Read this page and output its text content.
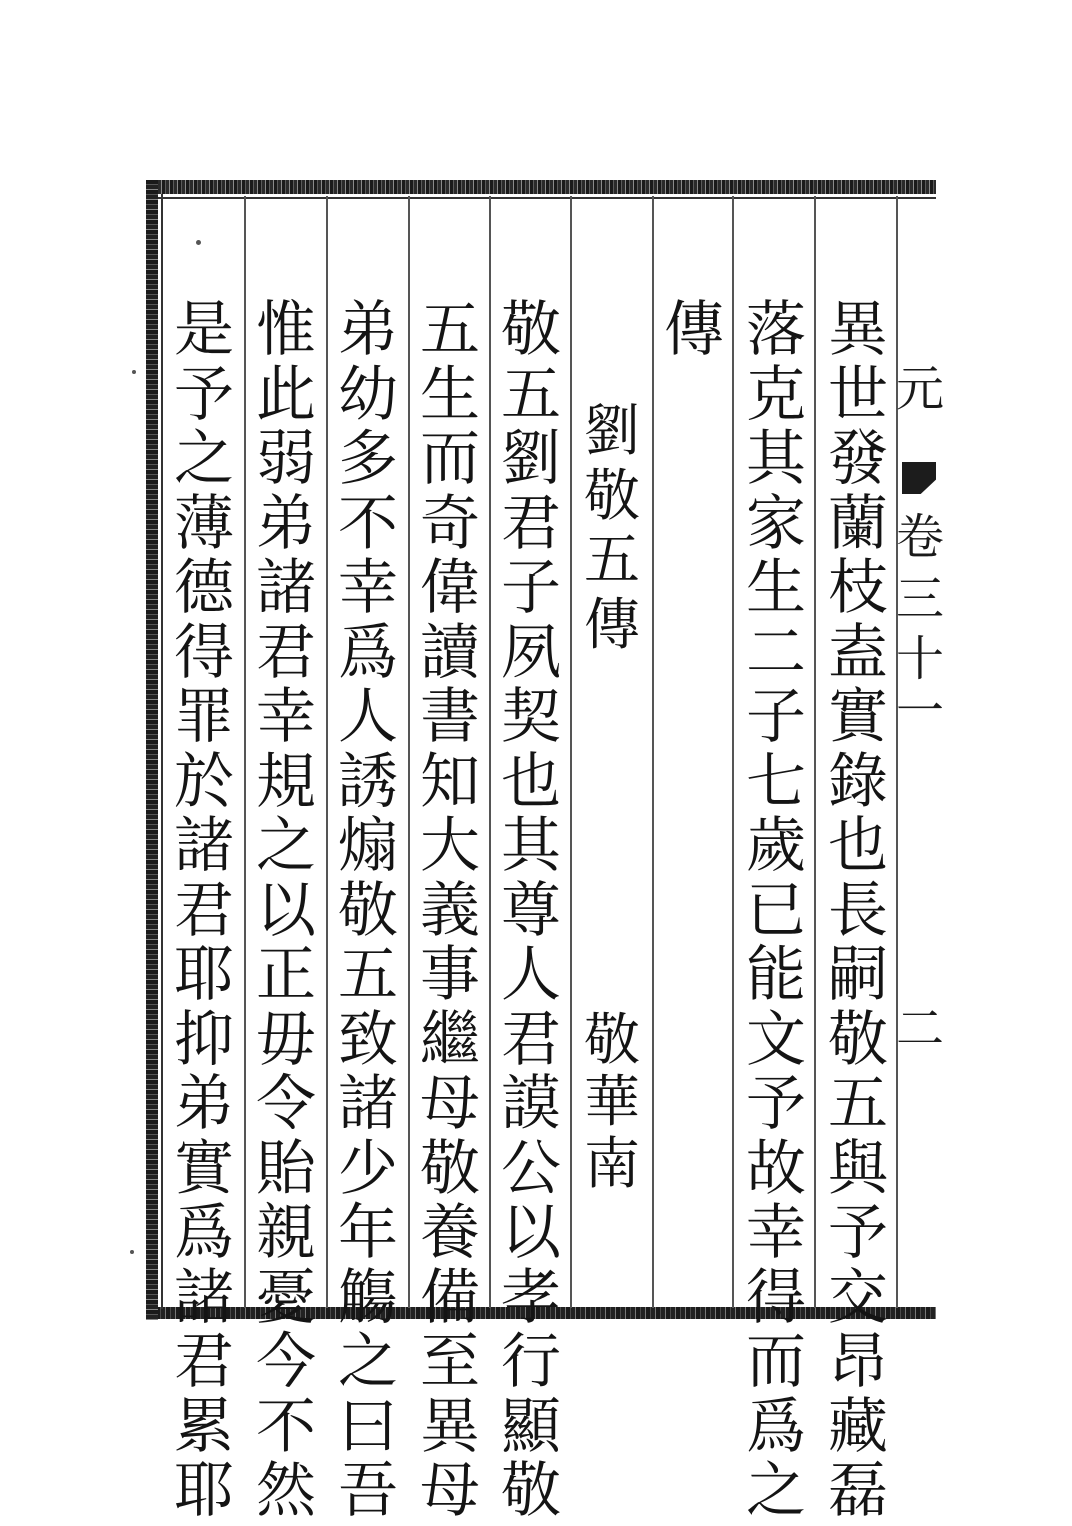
元
卷
三
十
一
二
異
世
發
蘭
枝
盍
實
錄
也
長
嗣
敬
五
與
予
交
昂
藏
磊
落
克
其
家
生
二
子
七
歲
已
能
文
予
故
幸
得
而
爲
之
傳
劉
敬
五
傳
敬
華
南
敬
五
劉
君
子
夙
契
也
其
尊
人
君
謨
公
以
孝
行
顯
敬
五
生
而
奇
偉
讀
書
知
大
義
事
繼
母
敬
養
備
至
異
母
弟
幼
多
不
幸
爲
人
誘
煽
敬
五
致
諸
少
年
觴
之
曰
吾
惟
此
弱
弟
諸
君
幸
規
之
以
正
毋
令
貽
親
憂
今
不
然
是
予
之
薄
德
得
罪
於
諸
君
耶
抑
弟
實
爲
諸
君
累
耶
